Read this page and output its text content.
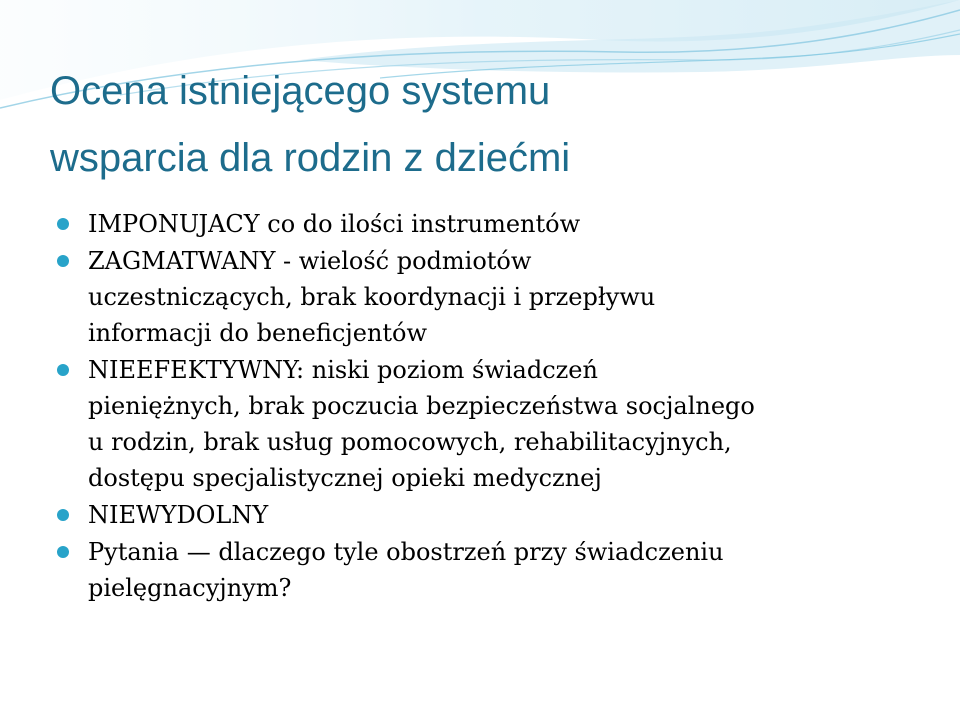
Ocena istniejącego systemu
wsparcia dla rodzin z dziećmi
IMPONUJACY co do ilości instrumentów
ZAGMATWANY - wielość podmiotów
uczestniczących, brak koordynacji i przepływu
informacji do beneficjentów
NIEEFEKTYWNY: niski poziom świadczeń
pieniężnych, brak poczucia bezpieczeństwa socjalnego
u rodzin, brak usług pomocowych, rehabilitacyjnych,
dostępu specjalistycznej opieki medycznej
NIEWYDOLNY
Pytania — dlaczego tyle obostrzeń przy świadczeniu
pielęgnacyjnym?
